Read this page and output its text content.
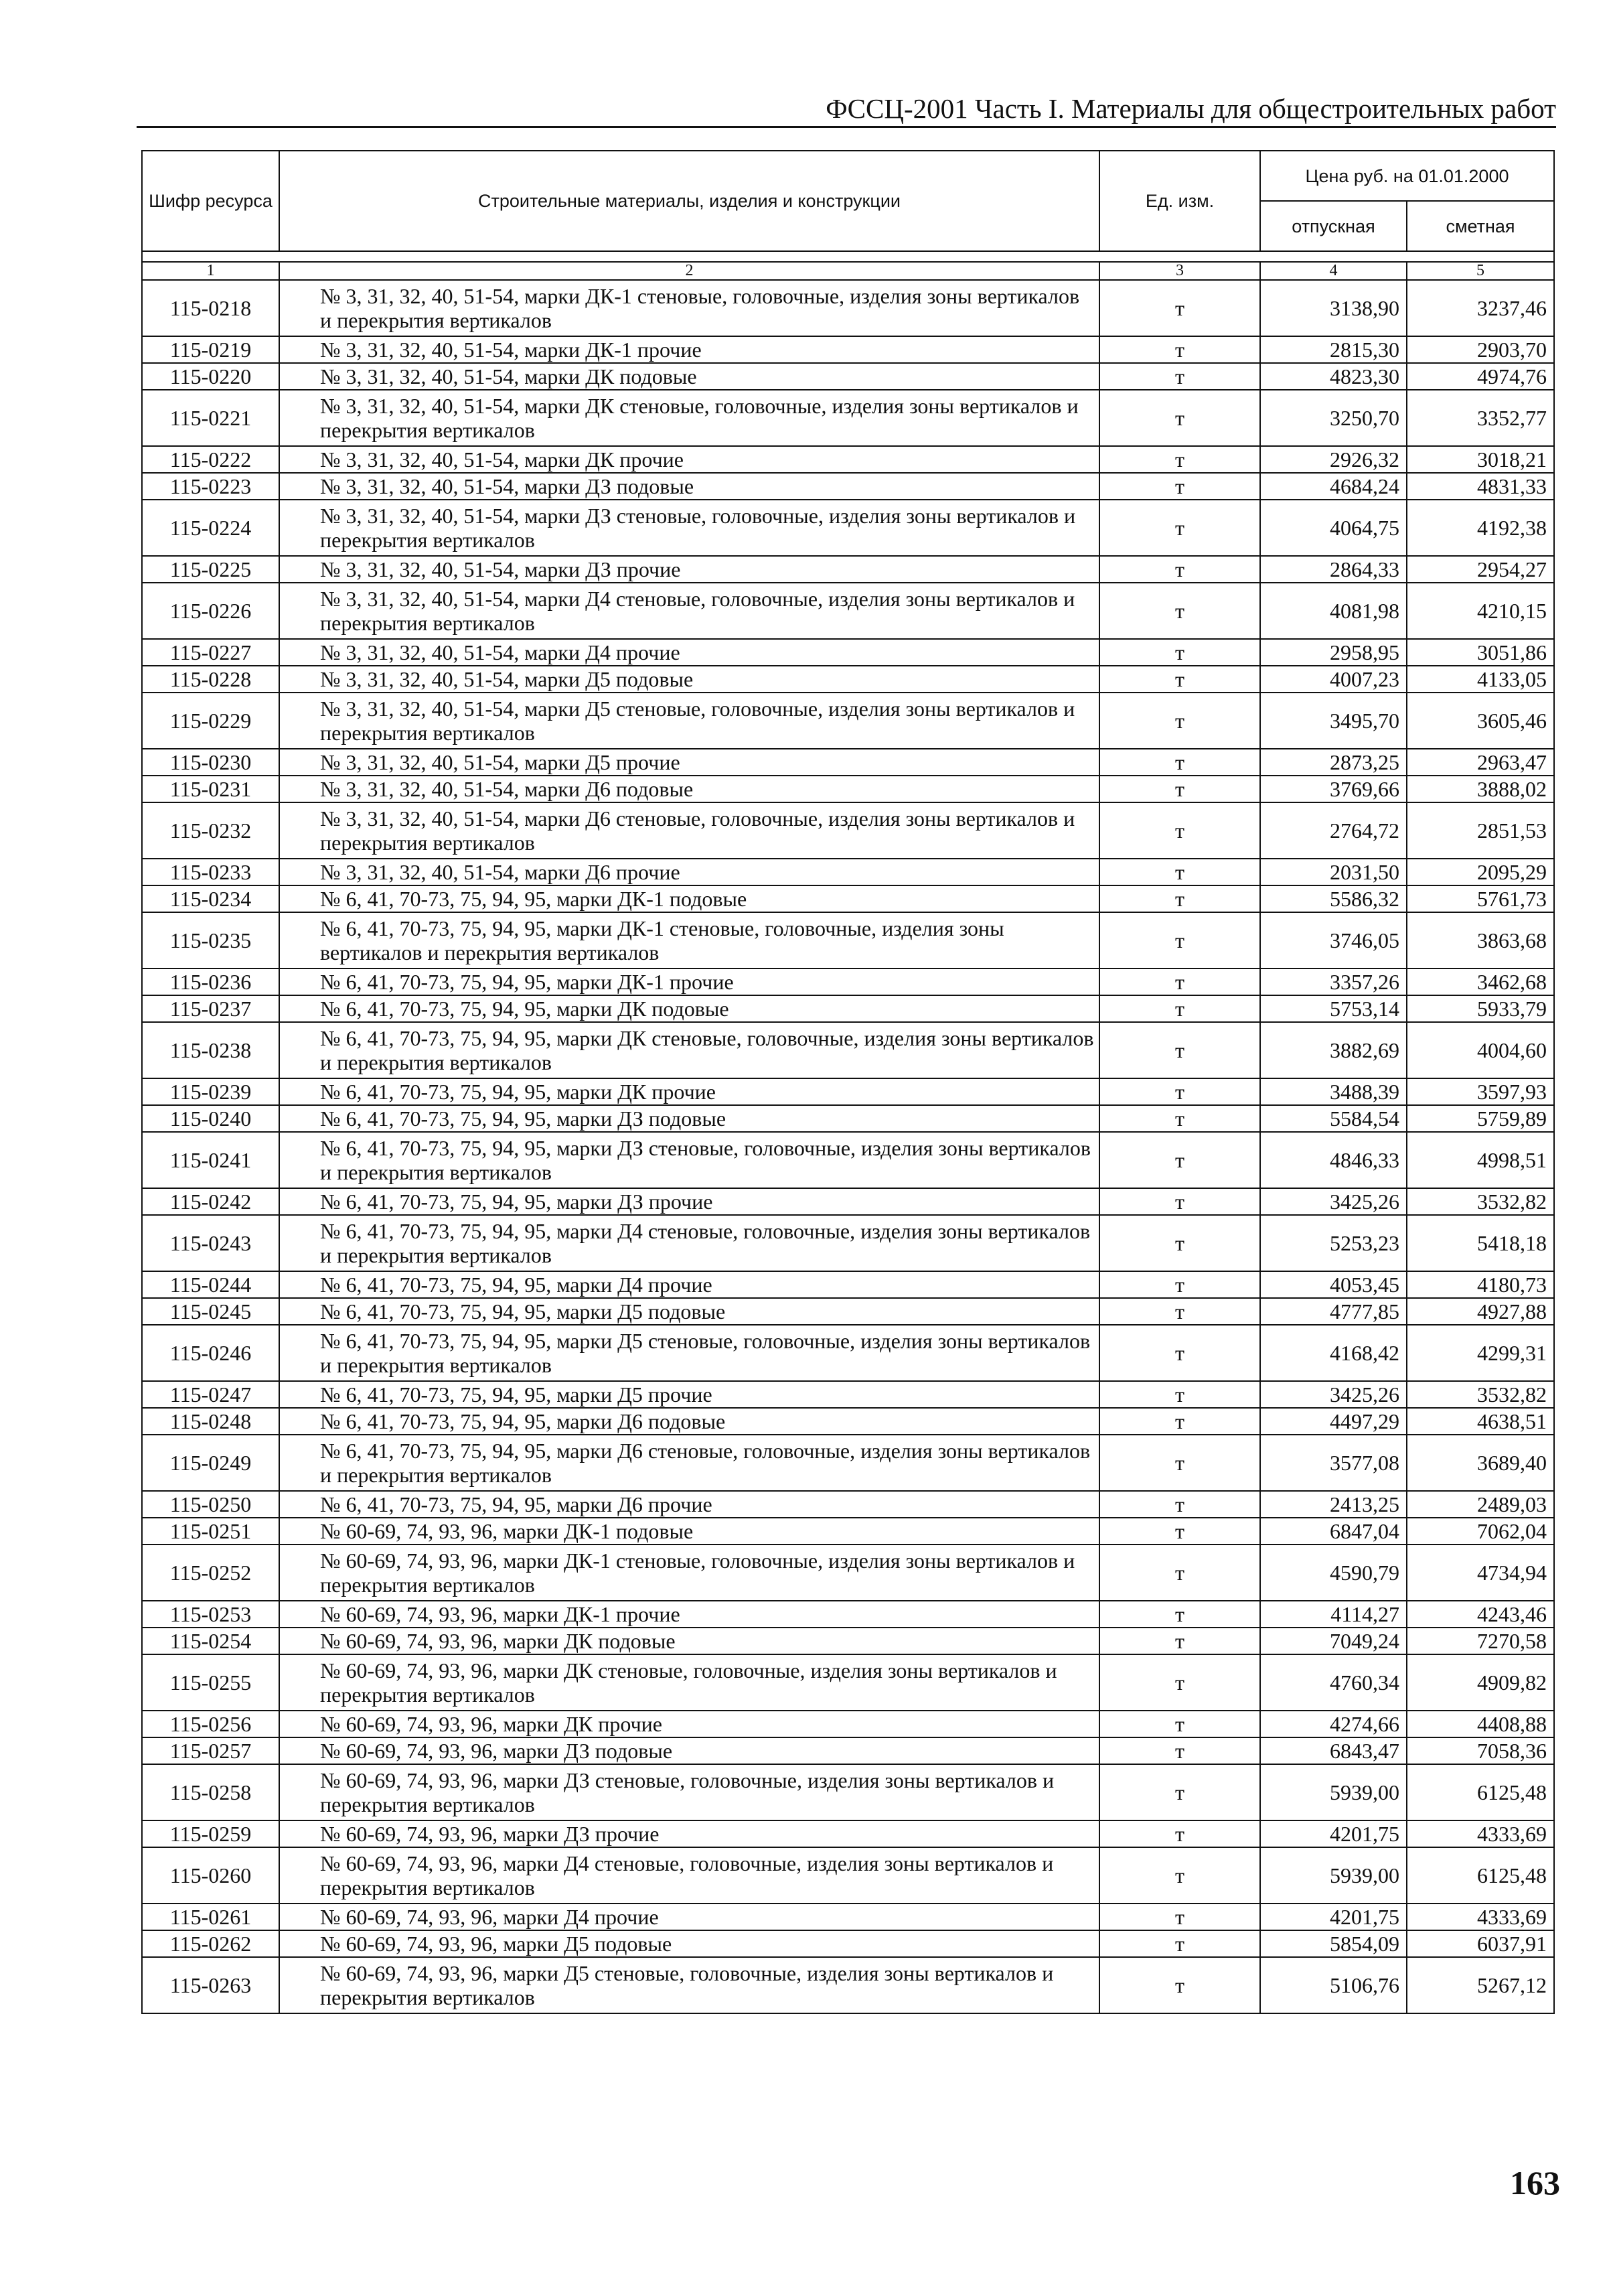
ФССЦ-2001 Часть I. Материалы для общестроительных работ
Шифр ресурса	Строительные материалы, изделия и конструкции	Ед. изм.	Цена руб. на 01.01.2000	
			отпускная	сметная

1	2	3	4	5
115-0218	№ 3, 31, 32, 40, 51-54, марки ДК-1 стеновые, головочные, изделия зоны вертикалов и перекрытия вертикалов	т	3138,90	3237,46
115-0219	№ 3, 31, 32, 40, 51-54, марки ДК-1 прочие	т	2815,30	2903,70
115-0220	№ 3, 31, 32, 40, 51-54, марки ДК подовые	т	4823,30	4974,76
115-0221	№ 3, 31, 32, 40, 51-54, марки ДК стеновые, головочные, изделия зоны вертикалов и перекрытия вертикалов	т	3250,70	3352,77
115-0222	№ 3, 31, 32, 40, 51-54, марки ДК прочие	т	2926,32	3018,21
115-0223	№ 3, 31, 32, 40, 51-54, марки ДЗ подовые	т	4684,24	4831,33
115-0224	№ 3, 31, 32, 40, 51-54, марки ДЗ стеновые, головочные, изделия зоны вертикалов и перекрытия вертикалов	т	4064,75	4192,38
115-0225	№ 3, 31, 32, 40, 51-54, марки ДЗ прочие	т	2864,33	2954,27
115-0226	№ 3, 31, 32, 40, 51-54, марки Д4 стеновые, головочные, изделия зоны вертикалов и перекрытия вертикалов	т	4081,98	4210,15
115-0227	№ 3, 31, 32, 40, 51-54, марки Д4 прочие	т	2958,95	3051,86
115-0228	№ 3, 31, 32, 40, 51-54, марки Д5 подовые	т	4007,23	4133,05
115-0229	№ 3, 31, 32, 40, 51-54, марки Д5 стеновые, головочные, изделия зоны вертикалов и перекрытия вертикалов	т	3495,70	3605,46
115-0230	№ 3, 31, 32, 40, 51-54, марки Д5 прочие	т	2873,25	2963,47
115-0231	№ 3, 31, 32, 40, 51-54, марки Д6 подовые	т	3769,66	3888,02
115-0232	№ 3, 31, 32, 40, 51-54, марки Д6 стеновые, головочные, изделия зоны вертикалов и перекрытия вертикалов	т	2764,72	2851,53
115-0233	№ 3, 31, 32, 40, 51-54, марки Д6 прочие	т	2031,50	2095,29
115-0234	№ 6, 41, 70-73, 75, 94, 95, марки ДК-1 подовые	т	5586,32	5761,73
115-0235	№ 6, 41, 70-73, 75, 94, 95, марки ДК-1 стеновые, головочные, изделия зоны вертикалов и перекрытия вертикалов	т	3746,05	3863,68
115-0236	№ 6, 41, 70-73, 75, 94, 95, марки ДК-1 прочие	т	3357,26	3462,68
115-0237	№ 6, 41, 70-73, 75, 94, 95, марки ДК подовые	т	5753,14	5933,79
115-0238	№ 6, 41, 70-73, 75, 94, 95, марки ДК стеновые, головочные, изделия зоны вертикалов и перекрытия вертикалов	т	3882,69	4004,60
115-0239	№ 6, 41, 70-73, 75, 94, 95, марки ДК прочие	т	3488,39	3597,93
115-0240	№ 6, 41, 70-73, 75, 94, 95, марки ДЗ подовые	т	5584,54	5759,89
115-0241	№ 6, 41, 70-73, 75, 94, 95, марки ДЗ стеновые, головочные, изделия зоны вертикалов и перекрытия вертикалов	т	4846,33	4998,51
115-0242	№ 6, 41, 70-73, 75, 94, 95, марки ДЗ прочие	т	3425,26	3532,82
115-0243	№ 6, 41, 70-73, 75, 94, 95, марки Д4 стеновые, головочные, изделия зоны вертикалов и перекрытия вертикалов	т	5253,23	5418,18
115-0244	№ 6, 41, 70-73, 75, 94, 95, марки Д4 прочие	т	4053,45	4180,73
115-0245	№ 6, 41, 70-73, 75, 94, 95, марки Д5 подовые	т	4777,85	4927,88
115-0246	№ 6, 41, 70-73, 75, 94, 95, марки Д5 стеновые, головочные, изделия зоны вертикалов и перекрытия вертикалов	т	4168,42	4299,31
115-0247	№ 6, 41, 70-73, 75, 94, 95, марки Д5 прочие	т	3425,26	3532,82
115-0248	№ 6, 41, 70-73, 75, 94, 95, марки Д6 подовые	т	4497,29	4638,51
115-0249	№ 6, 41, 70-73, 75, 94, 95, марки Д6 стеновые, головочные, изделия зоны вертикалов и перекрытия вертикалов	т	3577,08	3689,40
115-0250	№ 6, 41, 70-73, 75, 94, 95, марки Д6 прочие	т	2413,25	2489,03
115-0251	№ 60-69, 74, 93, 96, марки ДК-1 подовые	т	6847,04	7062,04
115-0252	№ 60-69, 74, 93, 96, марки ДК-1 стеновые, головочные, изделия зоны вертикалов и перекрытия вертикалов	т	4590,79	4734,94
115-0253	№ 60-69, 74, 93, 96, марки ДК-1 прочие	т	4114,27	4243,46
115-0254	№ 60-69, 74, 93, 96, марки ДК подовые	т	7049,24	7270,58
115-0255	№ 60-69, 74, 93, 96, марки ДК стеновые, головочные, изделия зоны вертикалов и перекрытия вертикалов	т	4760,34	4909,82
115-0256	№ 60-69, 74, 93, 96, марки ДК прочие	т	4274,66	4408,88
115-0257	№ 60-69, 74, 93, 96, марки ДЗ подовые	т	6843,47	7058,36
115-0258	№ 60-69, 74, 93, 96, марки ДЗ стеновые, головочные, изделия зоны вертикалов и перекрытия вертикалов	т	5939,00	6125,48
115-0259	№ 60-69, 74, 93, 96, марки ДЗ прочие	т	4201,75	4333,69
115-0260	№ 60-69, 74, 93, 96, марки Д4 стеновые, головочные, изделия зоны вертикалов и перекрытия вертикалов	т	5939,00	6125,48
115-0261	№ 60-69, 74, 93, 96, марки Д4 прочие	т	4201,75	4333,69
115-0262	№ 60-69, 74, 93, 96, марки Д5 подовые	т	5854,09	6037,91
115-0263	№ 60-69, 74, 93, 96, марки Д5 стеновые, головочные, изделия зоны вертикалов и перекрытия вертикалов	т	5106,76	5267,12
163
